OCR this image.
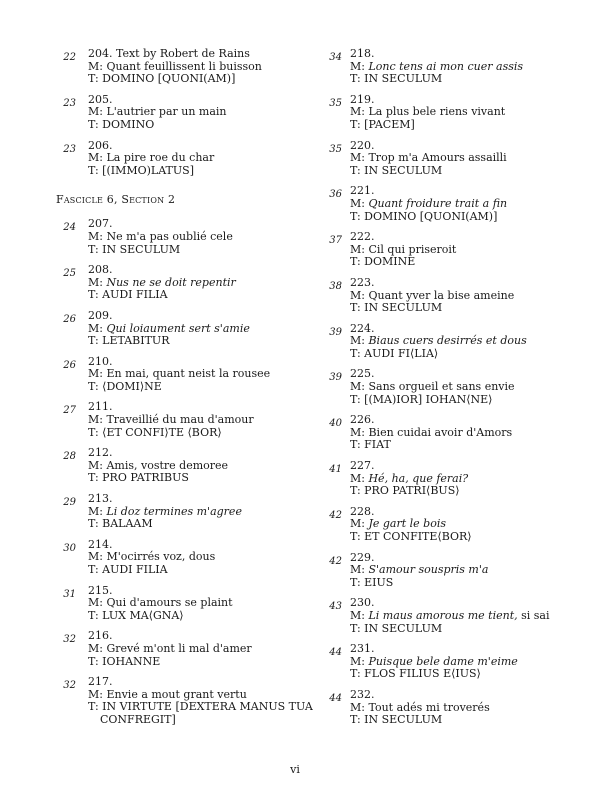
22 204. Text by Robert de Rains
M: Quant feuillissent li buisson
T: DOMINO [QUONI(AM)]
23 205.
M: L'autrier par un main
T: DOMINO
23 206.
M: La pire roe du char
T: [(IMMO)LATUS]
Fascicle 6, Section 2
24 207.
M: Ne m'a pas oublié cele
T: IN SECULUM
25 208.
M: Nus ne se doit repentir
T: AUDI FILIA
26 209.
M: Qui loiaument sert s'amie
T: LETABITUR
26 210.
M: En mai, quant neist la rousee
T: ⟨DOMI⟩NE
27 211.
M: Traveillié du mau d'amour
T: ⟨ET CONFI⟩TE ⟨BOR⟩
28 212.
M: Amis, vostre demoree
T: PRO PATRIBUS
29 213.
M: Li doz termines m'agree
T: BALAAM
30 214.
M: M'ocirrés voz, dous
T: AUDI FILIA
31 215.
M: Qui d'amours se plaint
T: LUX MA⟨GNA⟩
32 216.
M: Grevé m'ont li mal d'amer
T: IOHANNE
32 217.
M: Envie a mout grant vertu
T: IN VIRTUTE [DEXTERA MANUS TUA
CONFREGIT]
34 218.
M: Lonc tens ai mon cuer assis
T: IN SECULUM
35 219.
M: La plus bele riens vivant
T: [PACEM]
35 220.
M: Trop m'a Amours assailli
T: IN SECULUM
36 221.
M: Quant froidure trait a fin
T: DOMINO [QUONI(AM)]
37 222.
M: Cil qui priseroit
T: DOMINE
38 223.
M: Quant yver la bise ameine
T: IN SECULUM
39 224.
M: Biaus cuers desirrés et dous
T: AUDI FI⟨LIA⟩
39 225.
M: Sans orgueil et sans envie
T: [(MA)IOR] IOHAN⟨NE⟩
40 226.
M: Bien cuidai avoir d'Amors
T: FIAT
41 227.
M: Hé, ha, que ferai?
T: PRO PATRI⟨BUS⟩
42 228.
M: Je gart le bois
T: ET CONFITE⟨BOR⟩
42 229.
M: S'amour souspris m'a
T: EIUS
43 230.
M: Li maus amorous me tient, si sai
T: IN SECULUM
44 231.
M: Puisque bele dame m'eime
T: FLOS FILIUS E⟨IUS⟩
44 232.
M: Tout adés mi troverés
T: IN SECULUM
vi
